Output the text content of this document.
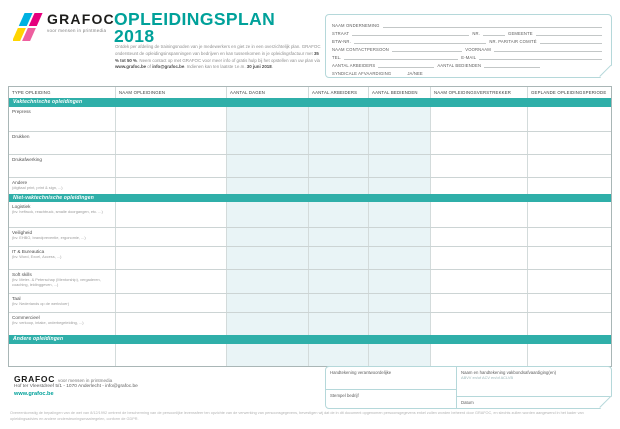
GRAFOC
voor mensen in printmedia
OPLEIDINGSPLAN
2018

Ontdek per afdeling de trainingsnoden van je medewerkers en giet ze in een overzichtelijk plan. GRAFOC ondersteunt de opleidingsinspanningen van bedrijven en kan tussenkomen in je opleidingsfactuur met 35 % tot 50 %. Neem contact op met GRAFOC voor meer info of gratis hulp bij het opstellen van uw plan via www.grafoc.be of info@grafoc.be. Indienen kan ten laatste t.e.m. 30 juni 2018.

NAAM ONDERNEMING
STRAAT	NR.	GEMEENTE
BTW-NR.	NR. PARITAIR COMITÉ
NAAM CONTACTPERSOON	VOORNAAM
TEL.	E-MAIL
AANTAL ARBEIDERS	AANTAL BEDIENDEN
SYNDICALE AFVAARDIGING	JA/NEE
TYPE OPLEIDING	NAAM OPLEIDINGEN	AANTAL DAGEN	AANTAL ARBEIDERS	AANTAL BEDIENDEN	NAAM OPLEIDINGSVERSTREKKER	GEPLANDE OPLEIDINGSPERIODE
Vaktechnische opleidingen
Prepress
Drukken
Drukafwerking
Andere
(digitaal print, print & sign, ...)
Niet-vaktechnische opleidingen
Logistiek
(bv. heftruck, reachtruck, smalle doorgangen, etc. ...)
Veiligheid
(bv. EHBO, brandpreventie, ergonomie, ...)
IT & Bureautica
(bv. Word, Excel, Access, ...)
Soft skills
(bv. Meter- & Peterschap (Mentorship), vergaderen, coaching, leidinggeven, ...)
Taal
(bv. Nederlands op de werkvloer)
Commercieel
(bv. verkoop, intake, orderbegeleiding, ...)
Andere opleidingen
Handtekening verantwoordelijke
Stempel bedrijf
Naam en handtekening vakbondsafvaardiging(en)
ABVV en/of ACV en/of ACLVB
Datum
GRAFOC voor mensen in printmedia
Hof ter Vleestdreef 5/1 - 1070 Anderlecht - info@grafoc.be
www.grafoc.be
Overeenkomstig de bepalingen van de wet van 8/12/1992 omtrent de bescherming van de persoonlijke levenssfeer ten opzichte van de verwerking van persoonsgegevens, bevestigen wij dat de in dit document opgenomen persoonsgegevens enkel zullen worden beheerd door GRAFOC, en slechts zullen worden aangewend in het kader van opleidingsadvies en andere ondersteuningsmaatregelen, conform de GDPR.
